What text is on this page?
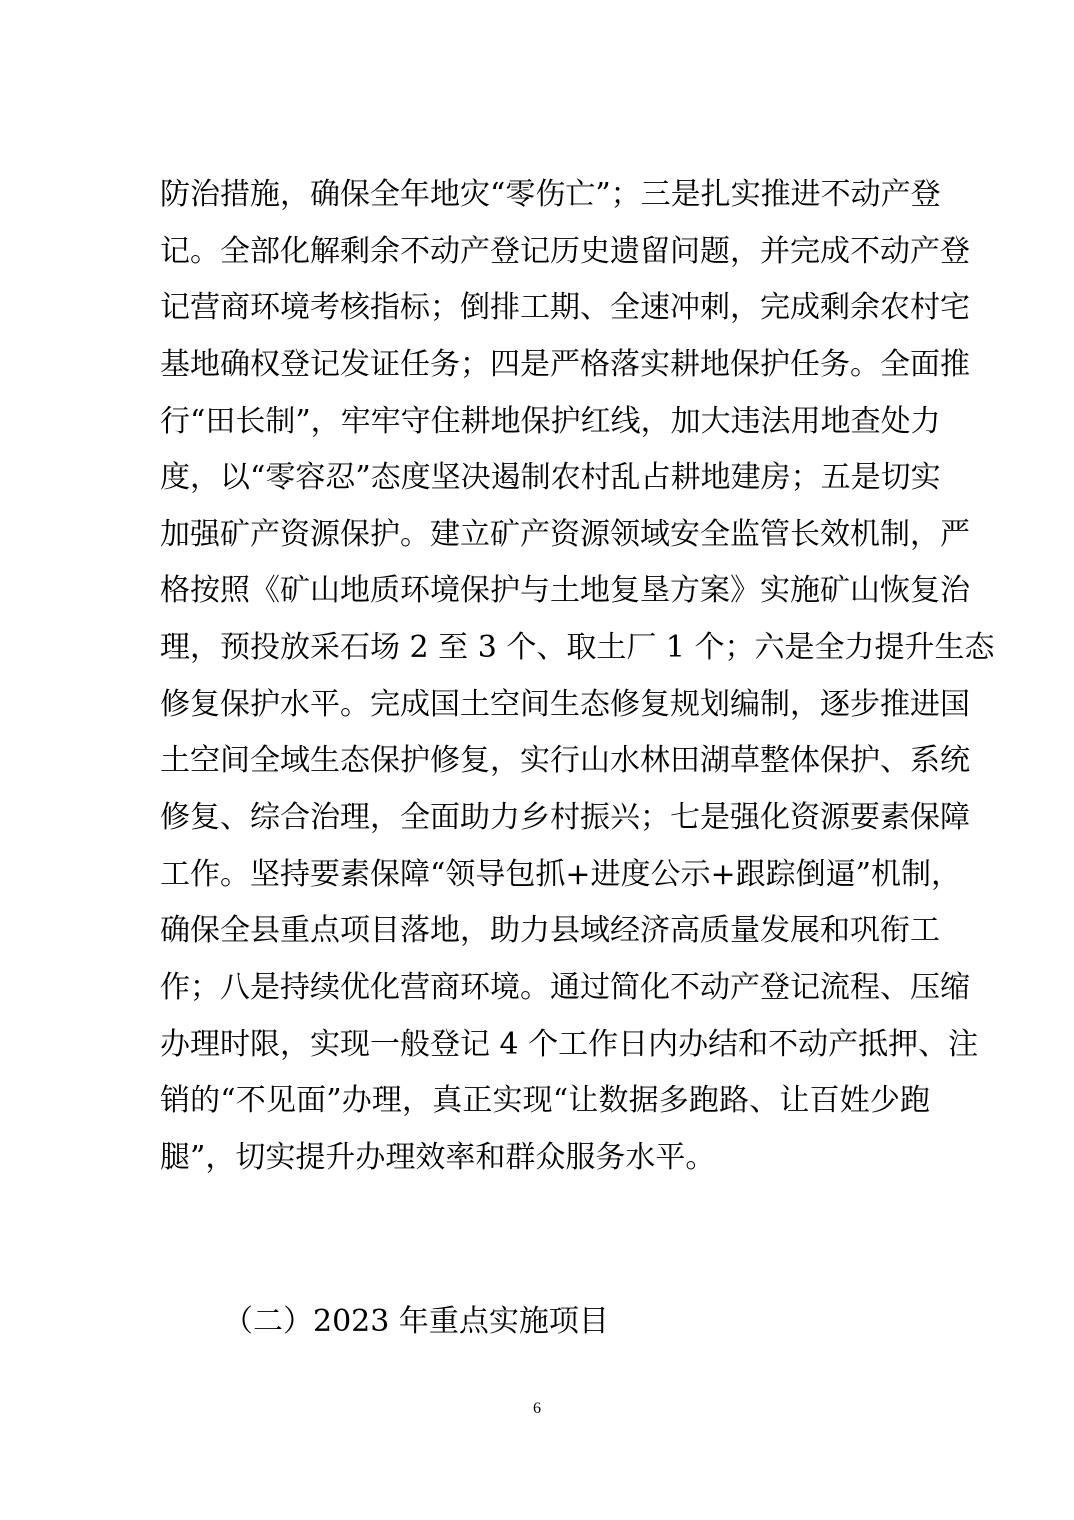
防治措施，确保全年地灾“零伤亡”；三是扎实推进不动产登
记。全部化解剩余不动产登记历史遗留问题，并完成不动产登
记营商环境考核指标；倒排工期、全速冲刺，完成剩余农村宅
基地确权登记发证任务；四是严格落实耕地保护任务。全面推
行“田长制”，牢牢守住耕地保护红线，加大违法用地查处力
度，以“零容忍”态度坚决遏制农村乱占耕地建房；五是切实
加强矿产资源保护。建立矿产资源领域安全监管长效机制，严
格按照《矿山地质环境保护与土地复垦方案》实施矿山恢复治
理，预投放采石场 2 至 3 个、取土厂 1 个；六是全力提升生态
修复保护水平。完成国土空间生态修复规划编制，逐步推进国
土空间全域生态保护修复，实行山水林田湖草整体保护、系统
修复、综合治理，全面助力乡村振兴；七是强化资源要素保障
工作。坚持要素保障“领导包抓+进度公示+跟踪倒逼”机制，
确保全县重点项目落地，助力县域经济高质量发展和巩衔工
作；八是持续优化营商环境。通过简化不动产登记流程、压缩
办理时限，实现一般登记 4 个工作日内办结和不动产抵押、注
销的“不见面”办理，真正实现“让数据多跑路、让百姓少跑
腿”，切实提升办理效率和群众服务水平。
（二）2023 年重点实施项目
6
